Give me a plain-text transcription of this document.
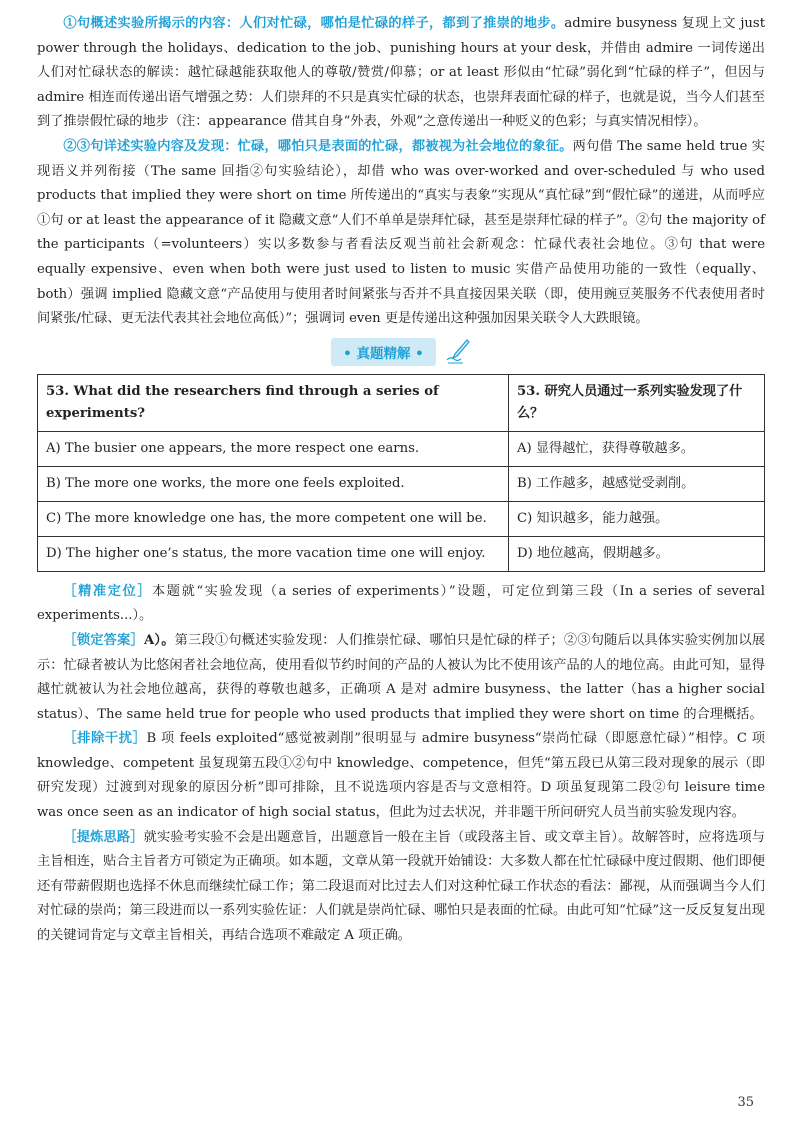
①句概述实验所揭示的内容：人们对忙碌，哪怕是忙碌的样子，都到了推崇的地步。admire busyness 复现上文 just power through the holidays、dedication to the job、punishing hours at your desk，并借由 admire 一词传递出人们对忙碌状态的解读：越忙碌越能获取他人的尊敬/赞赏/仰慕；or at least 形似由“忙碌”弱化到“忙碌的样子”，但因与 admire 相连而传递出语气增强之势：人们崇拜的不只是真实忙碌的状态，也崇拜表面忙碌的样子，也就是说，当今人们甚至到了推崇假忙碌的地步（注：appearance 借其自身“外表，外观”之意传递出一种贬义的色彩；与真实情况相悖）。

②③句详述实验内容及发现：忙碌，哪怕只是表面的忙碌，都被视为社会地位的象征。两句借 The same held true 实现语义并列衔接（The same 回指②句实验结论），却借 who was over-worked and over-scheduled 与 who used products that implied they were short on time 所传递出的“真实与表象”实现从“真忙碌”到“假忙碌”的递进，从而呼应①句 or at least the appearance of it 隐藏文意“人们不单单是崇拜忙碌，甚至是崇拜忙碌的样子”。②句 the majority of the participants（=volunteers）实以多数参与者看法反观当前社会新观念：忙碌代表社会地位。③句 that were equally expensive、even when both were just used to listen to music 实借产品使用功能的一致性（equally、both）强调 implied 隐藏文意“产品使用与使用者时间紧张与否并不具直接因果关联（即，使用豌豆荚服务不代表使用者时间紧张/忙碌、更无法代表其社会地位高低）”；强调词 even 更是传递出这种强加因果关联令人大跌眼镜。

• 真题精解 •
53. What did the researchers find through a series of experiments?	53. 研究人员通过一系列实验发现了什么？
A) The busier one appears, the more respect one earns.	A) 显得越忙，获得尊敬越多。
B) The more one works, the more one feels exploited.	B) 工作越多，越感觉受剥削。
C) The more knowledge one has, the more competent one will be.	C) 知识越多，能力越强。
D) The higher one’s status, the more vacation time one will enjoy.	D) 地位越高，假期越多。

［精准定位］本题就“实验发现（a series of experiments）”设题，可定位到第三段（In a series of several experiments...）。

［锁定答案］A）。第三段①句概述实验发现：人们推崇忙碌、哪怕只是忙碌的样子；②③句随后以具体实验实例加以展示：忙碌者被认为比悠闲者社会地位高，使用看似节约时间的产品的人被认为比不使用该产品的人的地位高。由此可知，显得越忙就被认为社会地位越高，获得的尊敬也越多，正确项 A 是对 admire busyness、the latter（has a higher social status）、The same held true for people who used products that implied they were short on time 的合理概括。

［排除干扰］B 项 feels exploited“感觉被剥削”很明显与 admire busyness“崇尚忙碌（即愿意忙碌）”相悖。C 项 knowledge、competent 虽复现第五段①②句中 knowledge、competence，但凭“第五段已从第三段对现象的展示（即研究发现）过渡到对现象的原因分析”即可排除，且不说选项内容是否与文意相符。D 项虽复现第二段②句 leisure time was once seen as an indicator of high social status，但此为过去状况，并非题干所问研究人员当前实验发现内容。

［提炼思路］就实验考实验不会是出题意旨，出题意旨一般在主旨（或段落主旨、或文章主旨）。故解答时，应将选项与主旨相连，贴合主旨者方可锁定为正确项。如本题，文章从第一段就开始铺设：大多数人都在忙忙碌碌中度过假期、他们即便还有带薪假期也选择不休息而继续忙碌工作；第二段退而对比过去人们对这种忙碌工作状态的看法：鄙视，从而强调当今人们对忙碌的崇尚；第三段进而以一系列实验佐证：人们就是崇尚忙碌、哪怕只是表面的忙碌。由此可知“忙碌”这一反反复复出现的关键词肯定与文章主旨相关，再结合选项不难敲定 A 项正确。

35
